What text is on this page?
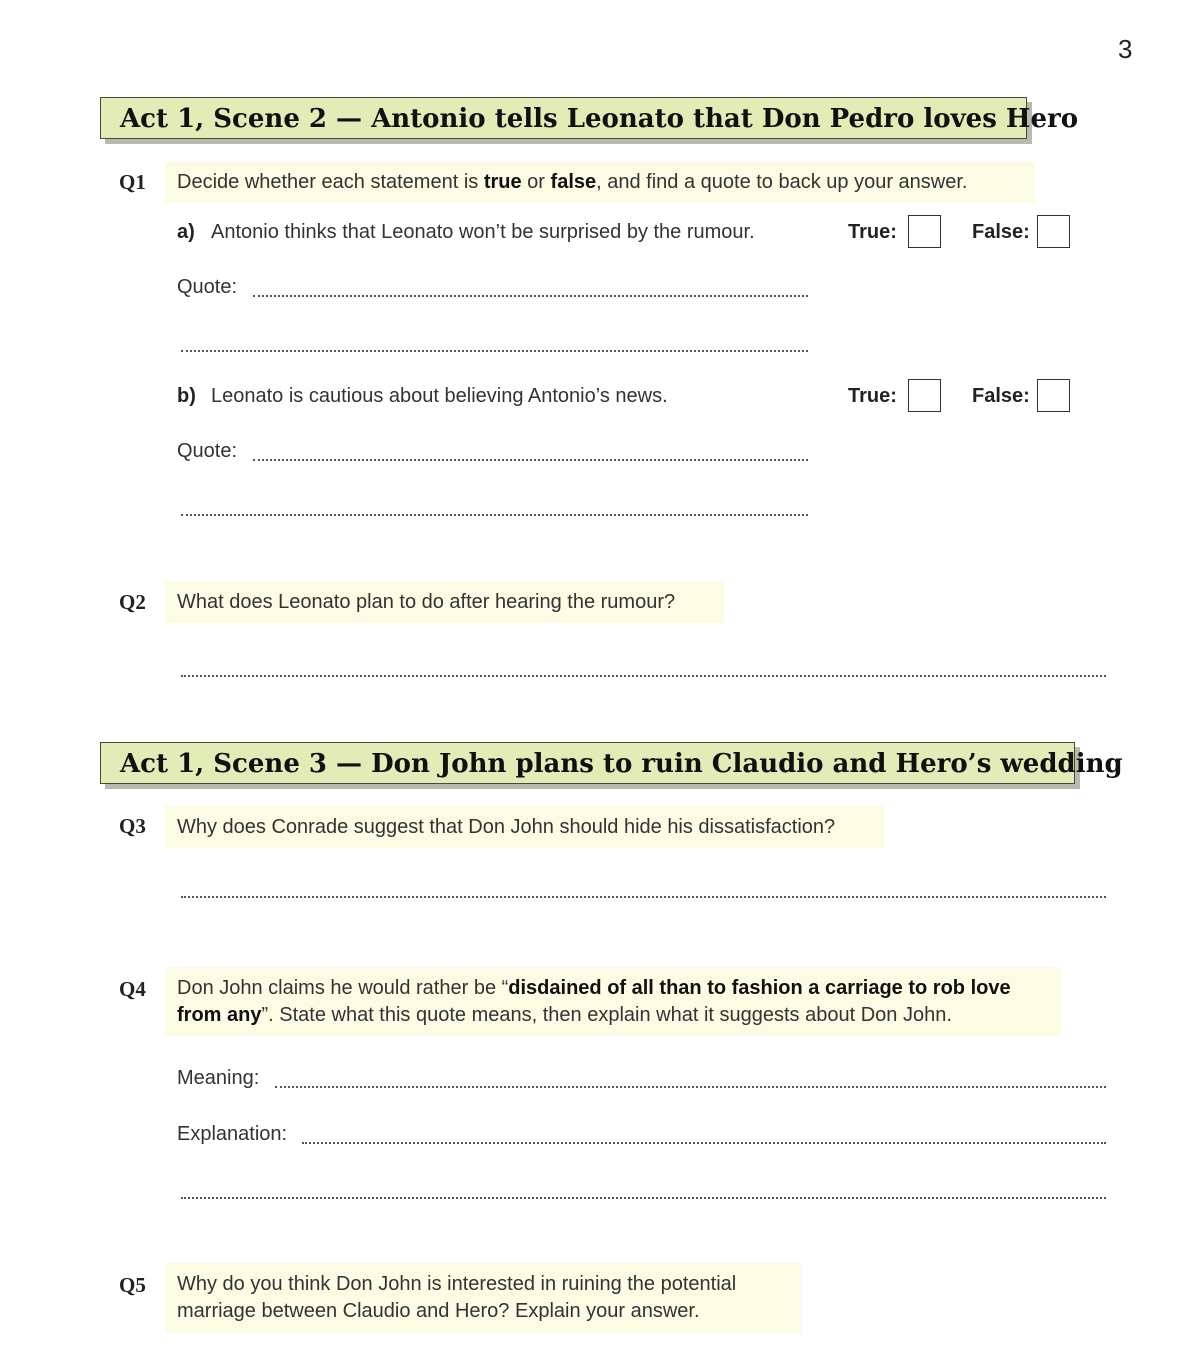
3
Act 1, Scene 2 — Antonio tells Leonato that Don Pedro loves Hero
Q1	Decide whether each statement is true or false, and find a quote to back up your answer.
a) Antonio thinks that Leonato won’t be surprised by the rumour.	True:	False:
Quote:
b) Leonato is cautious about believing Antonio’s news.	True:	False:
Quote:
Q2	What does Leonato plan to do after hearing the rumour?
Act 1, Scene 3 — Don John plans to ruin Claudio and Hero’s wedding
Q3	Why does Conrade suggest that Don John should hide his dissatisfaction?
Q4	Don John claims he would rather be “disdained of all than to fashion a carriage to rob love from any”. State what this quote means, then explain what it suggests about Don John.
Meaning:
Explanation:
Q5 Why do you think Don John is interested in ruining the potential
marriage between Claudio and Hero? Explain your answer.
